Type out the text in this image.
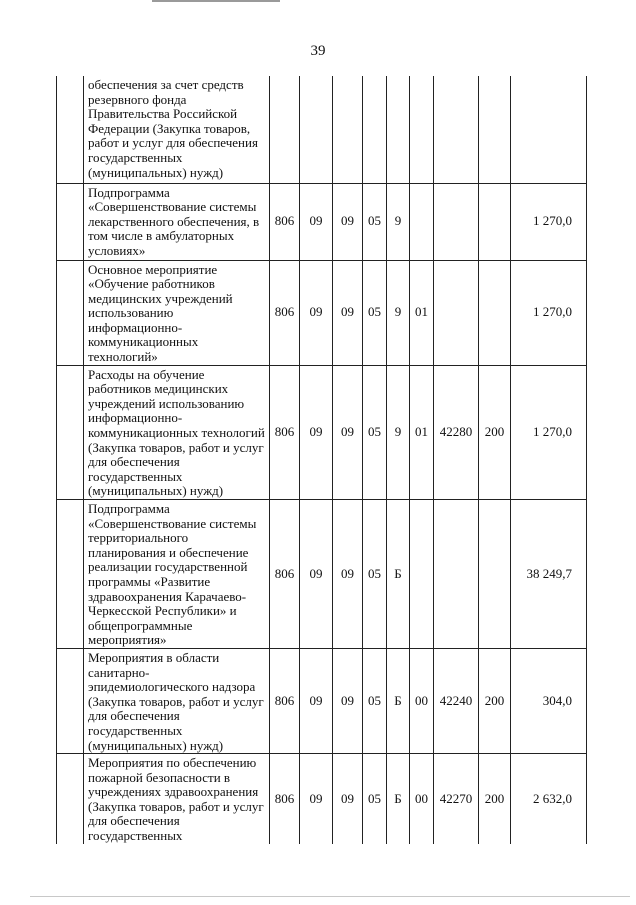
39
	обеспечения за счет средств резервного фонда Правительства Российской Федерации (Закупка товаров, работ и услуг для обеспечения государственных (муниципальных) нужд)									
	Подпрограмма «Совершенствование системы лекарственного обеспечения, в том числе в амбулаторных условиях»	806	09	09	05	9				1 270,0
	Основное мероприятие «Обучение работников медицинских учреждений использованию информационно-коммуникационных технологий»	806	09	09	05	9	01			1 270,0
	Расходы на обучение работников медицинских учреждений использованию информационно-коммуникационных технологий (Закупка товаров, работ и услуг для обеспечения государственных (муниципальных) нужд)	806	09	09	05	9	01	42280	200	1 270,0
	Подпрограмма «Совершенствование системы территориального планирования и обеспечение реализации государственной программы «Развитие здравоохранения Карачаево-Черкесской Республики» и общепрограммные мероприятия»	806	09	09	05	Б				38 249,7
	Мероприятия в области санитарно-эпидемиологического надзора (Закупка товаров, работ и услуг для обеспечения государственных (муниципальных) нужд)	806	09	09	05	Б	00	42240	200	304,0
	Мероприятия по обеспечению пожарной безопасности в учреждениях здравоохранения (Закупка товаров, работ и услуг для обеспечения государственных	806	09	09	05	Б	00	42270	200	2 632,0
